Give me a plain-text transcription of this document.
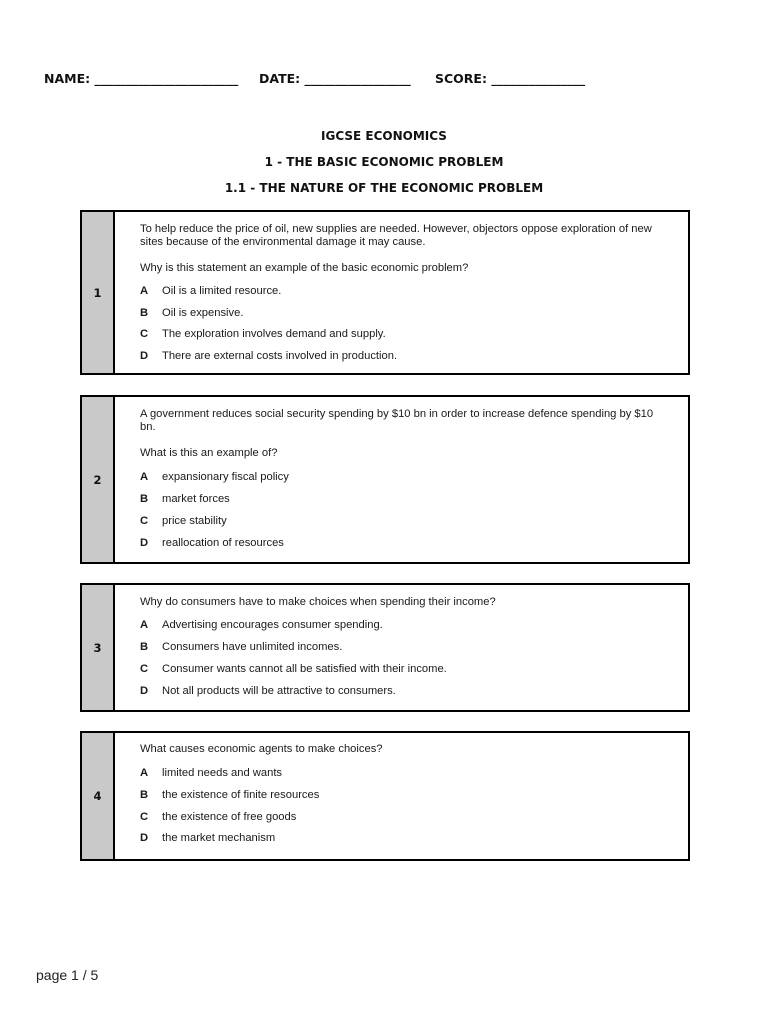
NAME: _______________________ DATE: _________________ SCORE: _______________
IGCSE ECONOMICS
1 - THE BASIC ECONOMIC PROBLEM
1.1 - THE NATURE OF THE ECONOMIC PROBLEM
1
To help reduce the price of oil, new supplies are needed. However, objectors oppose exploration of new sites because of the environmental damage it may cause.
Why is this statement an example of the basic economic problem?
A Oil is a limited resource.
B Oil is expensive.
C The exploration involves demand and supply.
D There are external costs involved in production.
2
A government reduces social security spending by $10 bn in order to increase defence spending by $10 bn.
What is this an example of?
A expansionary fiscal policy
B market forces
C price stability
D reallocation of resources
3
Why do consumers have to make choices when spending their income?
A Advertising encourages consumer spending.
B Consumers have unlimited incomes.
C Consumer wants cannot all be satisfied with their income.
D Not all products will be attractive to consumers.
4
What causes economic agents to make choices?
A limited needs and wants
B the existence of finite resources
C the existence of free goods
D the market mechanism
page 1 / 5
